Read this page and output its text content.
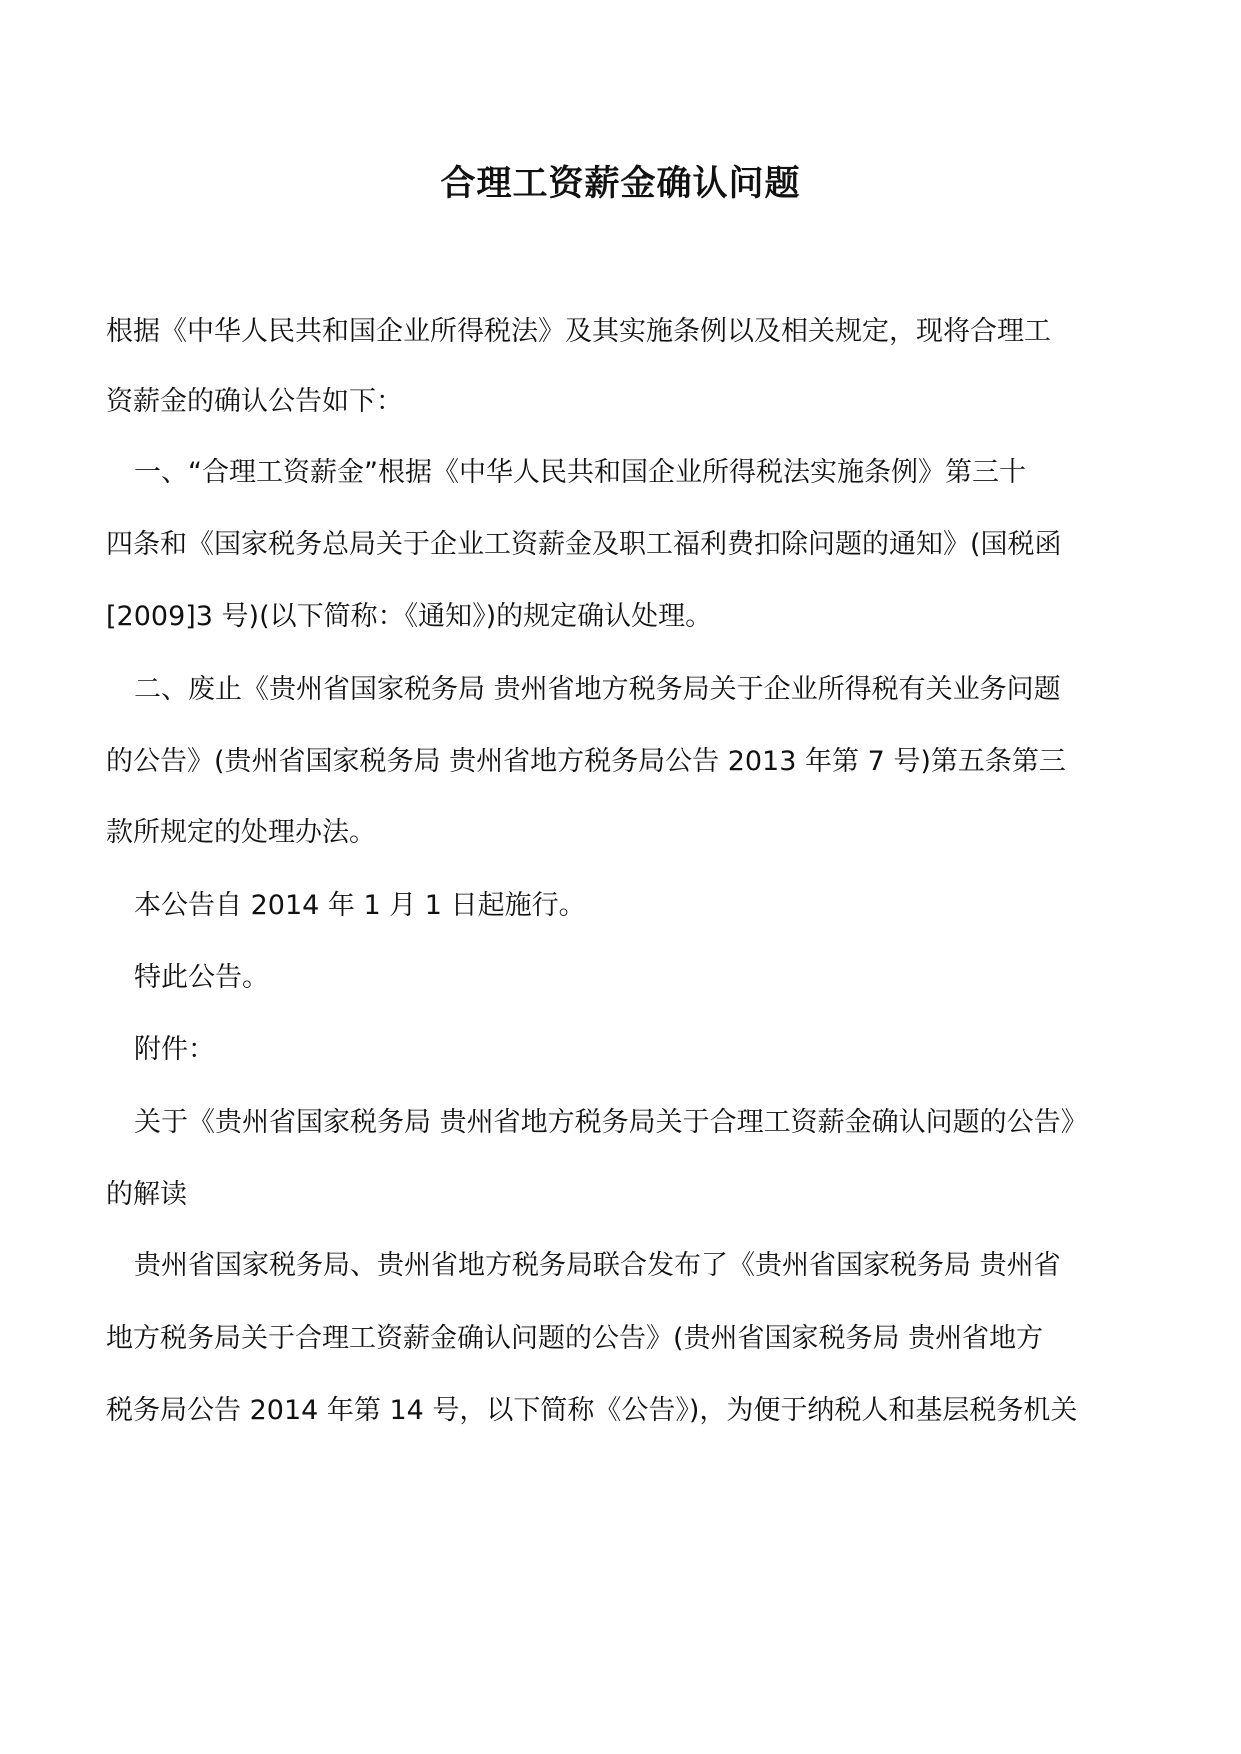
合理工资薪金确认问题

根据《中华人民共和国企业所得税法》及其实施条例以及相关规定，现将合理工

资薪金的确认公告如下：

一、“合理工资薪金”根据《中华人民共和国企业所得税法实施条例》第三十

四条和《国家税务总局关于企业工资薪金及职工福利费扣除问题的通知》(国税函

[2009]3 号)(以下简称：《通知》)的规定确认处理。

二、废止《贵州省国家税务局 贵州省地方税务局关于企业所得税有关业务问题

的公告》(贵州省国家税务局 贵州省地方税务局公告 2013 年第 7 号)第五条第三

款所规定的处理办法。

本公告自 2014 年 1 月 1 日起施行。

特此公告。

附件：

关于《贵州省国家税务局 贵州省地方税务局关于合理工资薪金确认问题的公告》

的解读

贵州省国家税务局、贵州省地方税务局联合发布了《贵州省国家税务局 贵州省

地方税务局关于合理工资薪金确认问题的公告》(贵州省国家税务局 贵州省地方

税务局公告 2014 年第 14 号，以下简称《公告》)，为便于纳税人和基层税务机关
